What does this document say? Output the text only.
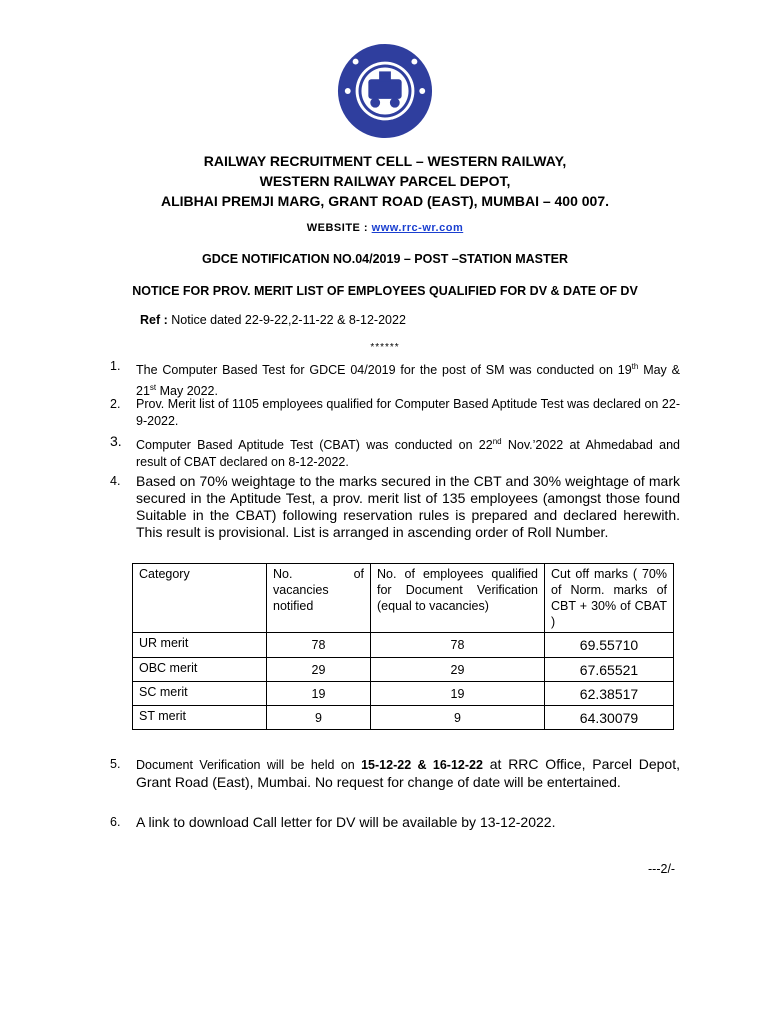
RAILWAY RECRUITMENT CELL – WESTERN RAILWAY,
WESTERN RAILWAY PARCEL DEPOT,
ALIBHAI PREMJI MARG, GRANT ROAD (EAST), MUMBAI – 400 007.
WEBSITE : www.rrc-wr.com
GDCE NOTIFICATION NO.04/2019 – POST –STATION MASTER
NOTICE FOR PROV. MERIT LIST OF EMPLOYEES QUALIFIED FOR DV & DATE OF DV
Ref : Notice dated 22-9-22,2-11-22 & 8-12-2022
******
1. The Computer Based Test for GDCE 04/2019 for the post of SM was conducted on 19th May & 21st May 2022.
2. Prov. Merit list of 1105 employees qualified for Computer Based Aptitude Test was declared on 22-9-2022.
3. Computer Based Aptitude Test (CBAT) was conducted on 22nd Nov.’2022 at Ahmedabad and result of CBAT declared on 8-12-2022.
4. Based on 70% weightage to the marks secured in the CBT and 30% weightage of mark secured in the Aptitude Test, a prov. merit list of 135 employees (amongst those found Suitable in the CBAT) following reservation rules is prepared and declared herewith. This result is provisional. List is arranged in ascending order of Roll Number.
Category	No. of vacancies notified	No. of employees qualified for Document Verification (equal to vacancies)	Cut off marks ( 70% of Norm. marks of CBT + 30% of CBAT )
UR merit	78	78	69.55710
OBC merit	29	29	67.65521
SC merit	19	19	62.38517
ST merit	9	9	64.30079
5. Document Verification will be held on 15-12-22 & 16-12-22 at RRC Office, Parcel Depot, Grant Road (East), Mumbai. No request for change of date will be entertained.
6. A link to download Call letter for DV will be available by 13-12-2022.
---2/-
